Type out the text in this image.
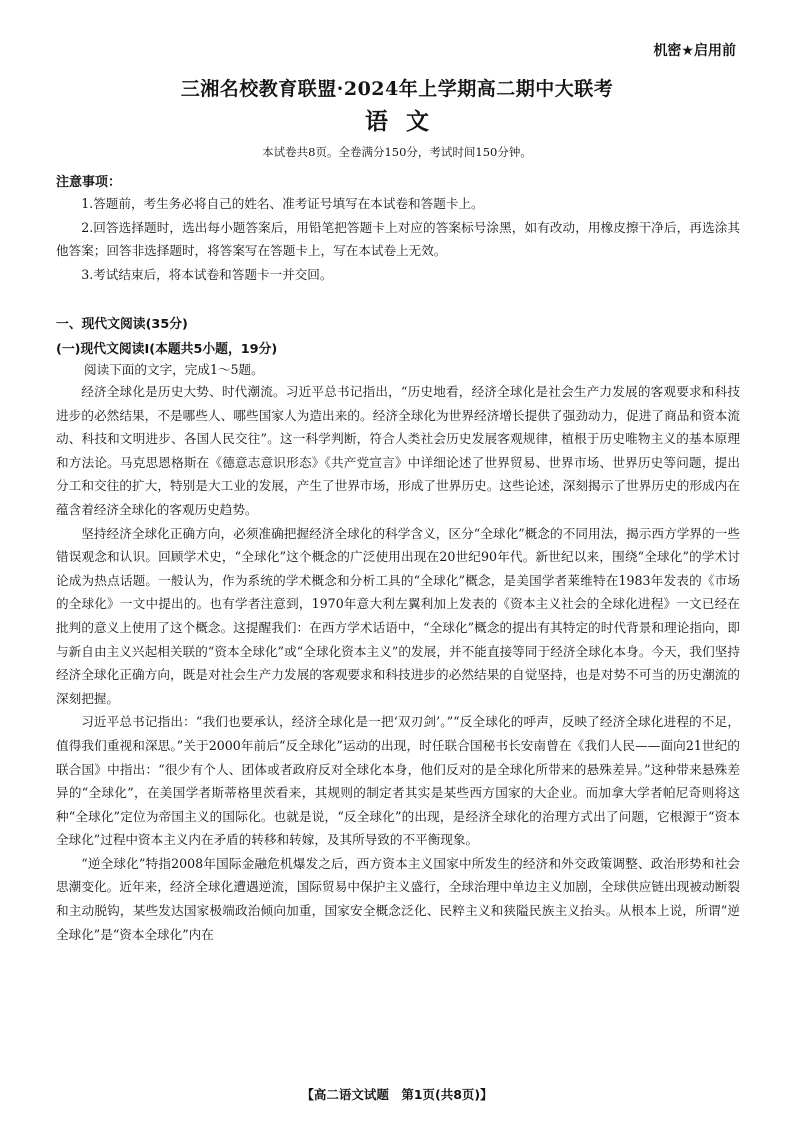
机密★启用前
三湘名校教育联盟·2024年上学期高二期中大联考
语文
本试卷共8页。全卷满分150分，考试时间150分钟。
注意事项：

1.答题前，考生务必将自己的姓名、准考证号填写在本试卷和答题卡上。

2.回答选择题时，选出每小题答案后，用铅笔把答题卡上对应的答案标号涂黑，如有改动，用橡皮擦干净后，再选涂其他答案；回答非选择题时，将答案写在答题卡上，写在本试卷上无效。

3.考试结束后，将本试卷和答题卡一并交回。

一、现代文阅读(35分)
(一)现代文阅读Ⅰ(本题共5小题，19分)
阅读下面的文字，完成1～5题。

经济全球化是历史大势、时代潮流。习近平总书记指出，“历史地看，经济全球化是社会生产力发展的客观要求和科技进步的必然结果，不是哪些人、哪些国家人为造出来的。经济全球化为世界经济增长提供了强劲动力，促进了商品和资本流动、科技和文明进步、各国人民交往”。这一科学判断，符合人类社会历史发展客观规律，植根于历史唯物主义的基本原理和方法论。马克思恩格斯在《德意志意识形态》《共产党宣言》中详细论述了世界贸易、世界市场、世界历史等问题，提出分工和交往的扩大，特别是大工业的发展，产生了世界市场，形成了世界历史。这些论述，深刻揭示了世界历史的形成内在蕴含着经济全球化的客观历史趋势。

坚持经济全球化正确方向，必须准确把握经济全球化的科学含义，区分“全球化”概念的不同用法，揭示西方学界的一些错误观念和认识。回顾学术史，“全球化”这个概念的广泛使用出现在20世纪90年代。新世纪以来，围绕“全球化”的学术讨论成为热点话题。一般认为，作为系统的学术概念和分析工具的“全球化”概念，是美国学者莱维特在1983年发表的《市场的全球化》一文中提出的。也有学者注意到，1970年意大利左翼利加上发表的《资本主义社会的全球化进程》一文已经在批判的意义上使用了这个概念。这提醒我们：在西方学术话语中，“全球化”概念的提出有其特定的时代背景和理论指向，即与新自由主义兴起相关联的“资本全球化”或“全球化资本主义”的发展，并不能直接等同于经济全球化本身。今天，我们坚持经济全球化正确方向，既是对社会生产力发展的客观要求和科技进步的必然结果的自觉坚持，也是对势不可当的历史潮流的深刻把握。

习近平总书记指出：“我们也要承认，经济全球化是一把‘双刃剑’。”“反全球化的呼声，反映了经济全球化进程的不足，值得我们重视和深思。”关于2000年前后“反全球化”运动的出现，时任联合国秘书长安南曾在《我们人民——面向21世纪的联合国》中指出：“很少有个人、团体或者政府反对全球化本身，他们反对的是全球化所带来的悬殊差异。”这种带来悬殊差异的“全球化”，在美国学者斯蒂格里茨看来，其规则的制定者其实是某些西方国家的大企业。而加拿大学者帕尼奇则将这种“全球化”定位为帝国主义的国际化。也就是说，“反全球化”的出现，是经济全球化的治理方式出了问题，它根源于“资本全球化”过程中资本主义内在矛盾的转移和转嫁，及其所导致的不平衡现象。

“逆全球化”特指2008年国际金融危机爆发之后，西方资本主义国家中所发生的经济和外交政策调整、政治形势和社会思潮变化。近年来，经济全球化遭遇逆流，国际贸易中保护主义盛行，全球治理中单边主义加剧，全球供应链出现被动断裂和主动脱钩，某些发达国家极端政治倾向加重，国家安全概念泛化、民粹主义和狭隘民族主义抬头。从根本上说，所谓“逆全球化”是“资本全球化”内在

【高二语文试题　第1页(共8页)】
